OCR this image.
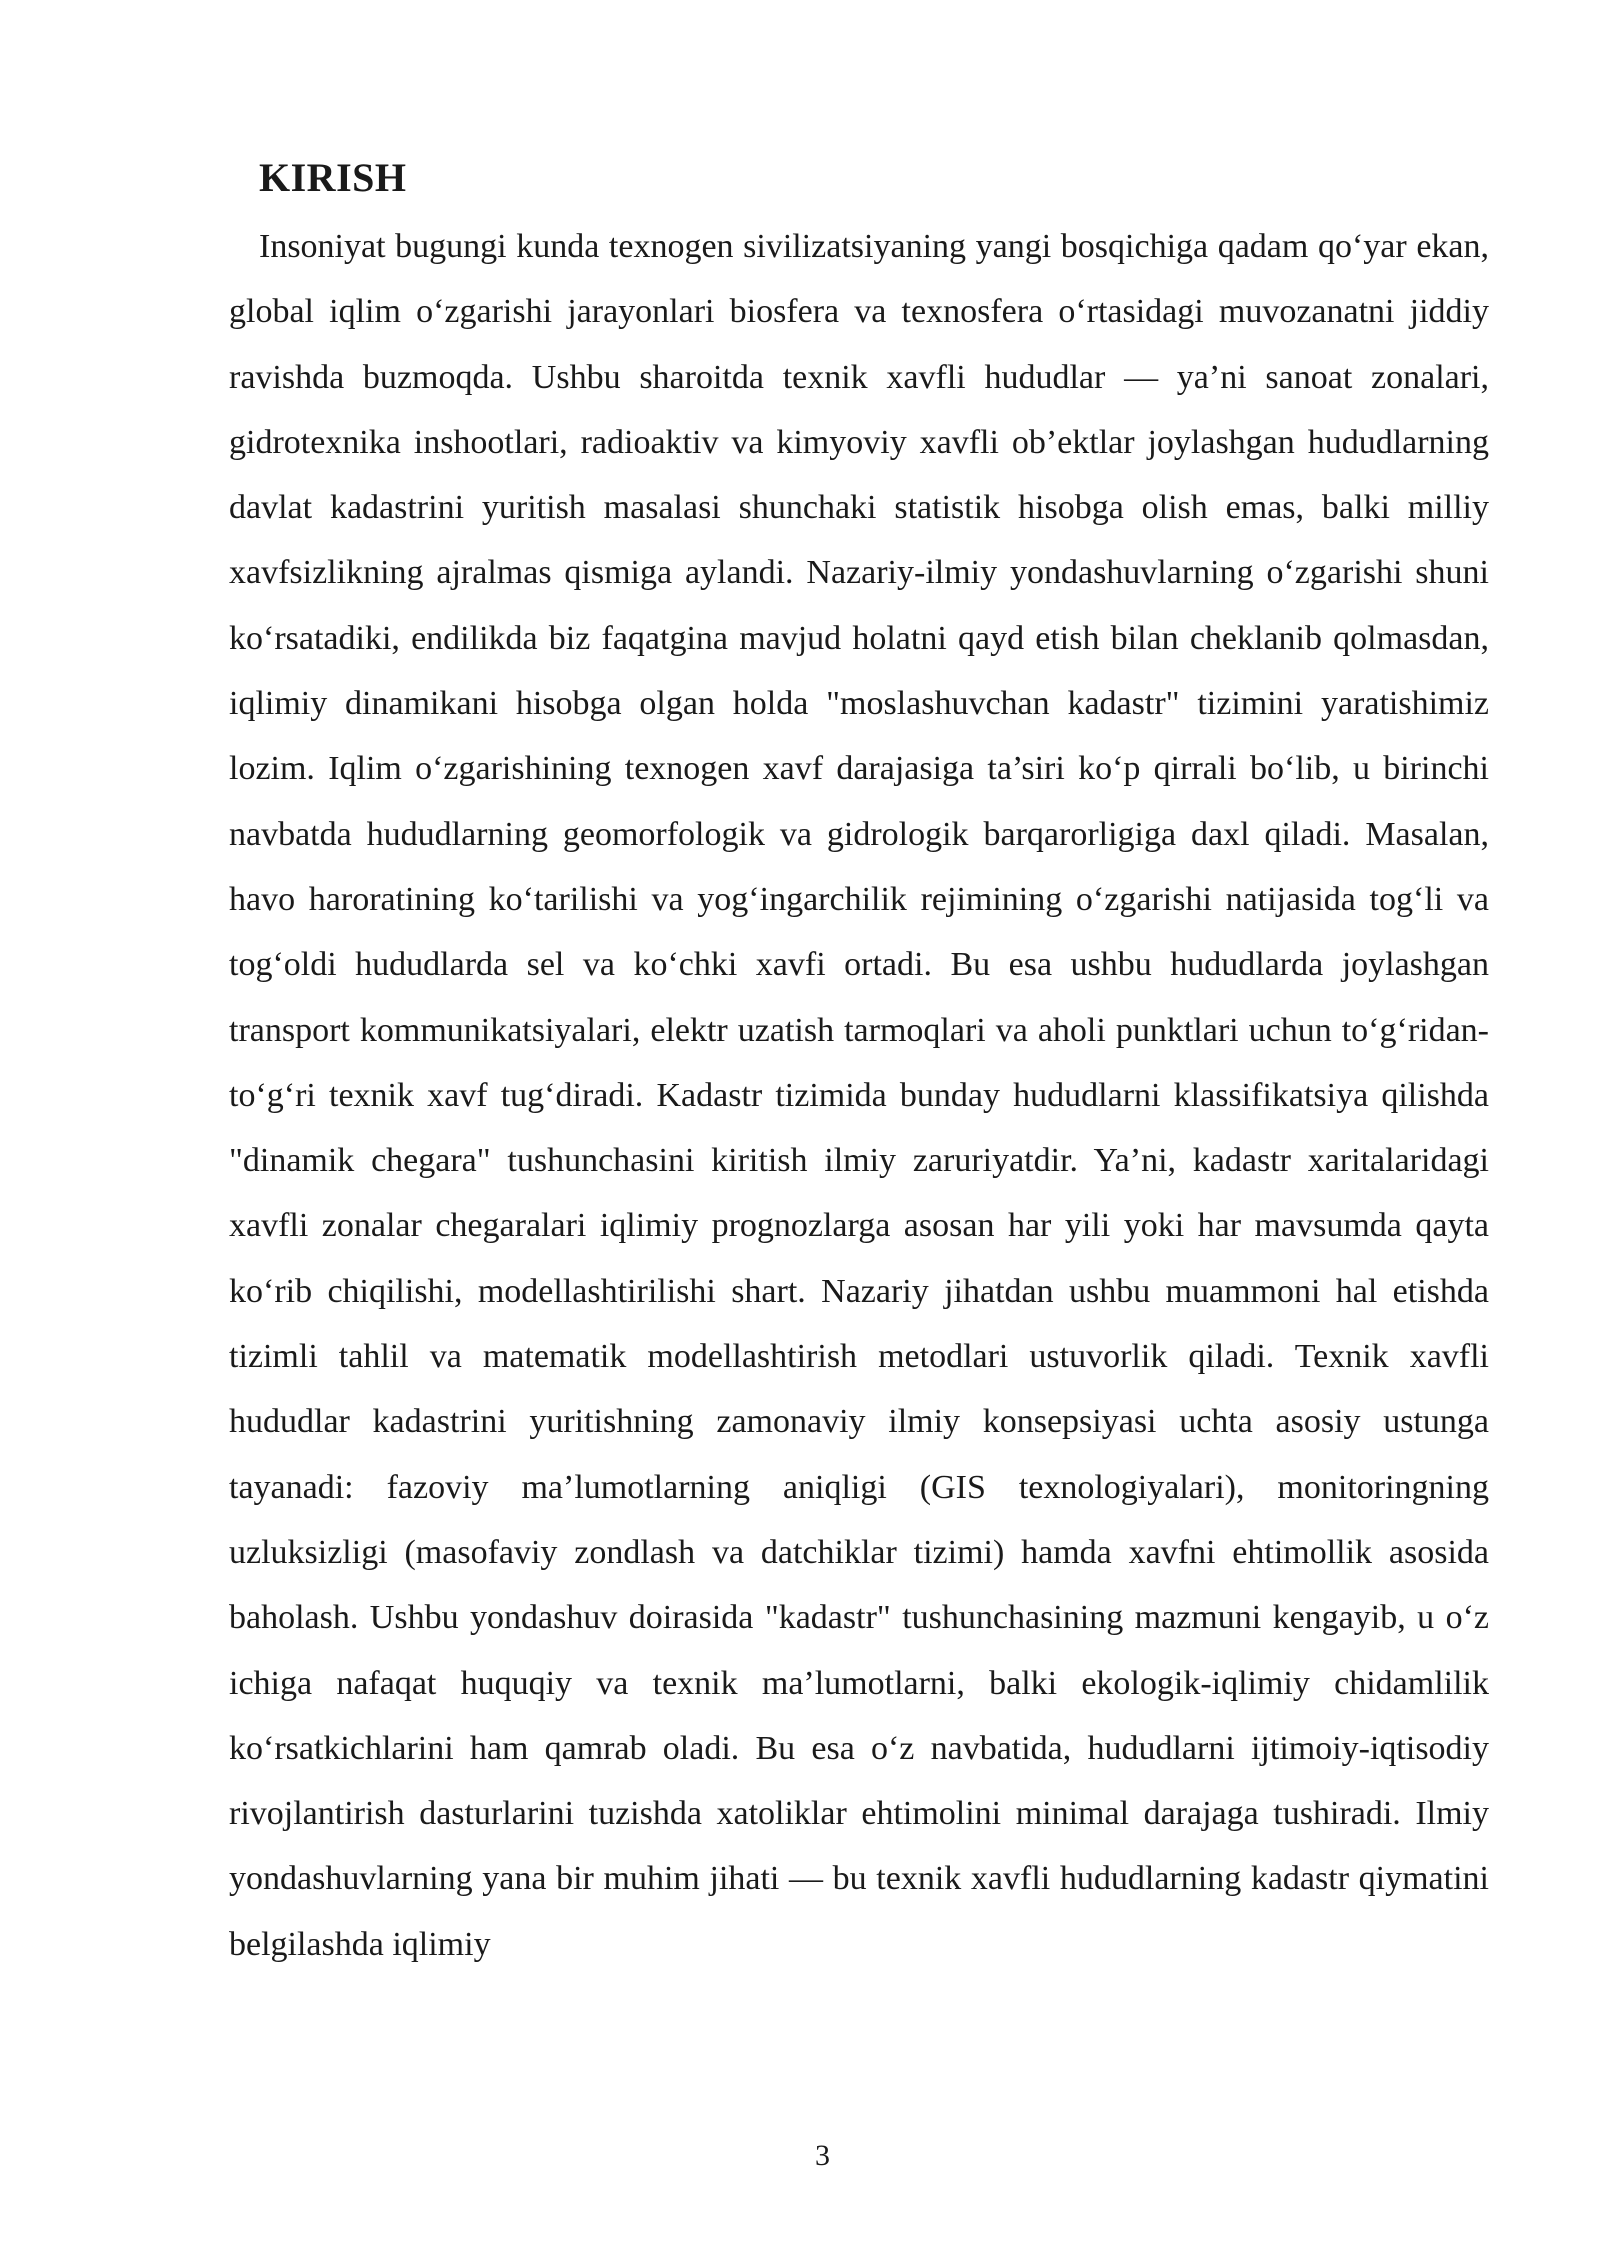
KIRISH

Insoniyat bugungi kunda texnogen sivilizatsiyaning yangi bosqichiga qadam qo‘yar ekan, global iqlim o‘zgarishi jarayonlari biosfera va texnosfera o‘rtasidagi muvozanatni jiddiy ravishda buzmoqda. Ushbu sharoitda texnik xavfli hududlar — ya’ni sanoat zonalari, gidrotexnika inshootlari, radioaktiv va kimyoviy xavfli ob’ektlar joylashgan hududlarning davlat kadastrini yuritish masalasi shunchaki statistik hisobga olish emas, balki milliy xavfsizlikning ajralmas qismiga aylandi. Nazariy-ilmiy yondashuvlarning o‘zgarishi shuni ko‘rsatadiki, endilikda biz faqatgina mavjud holatni qayd etish bilan cheklanib qolmasdan, iqlimiy dinamikani hisobga olgan holda "moslashuvchan kadastr" tizimini yaratishimiz lozim. Iqlim o‘zgarishining texnogen xavf darajasiga ta’siri ko‘p qirrali bo‘lib, u birinchi navbatda hududlarning geomorfologik va gidrologik barqarorligiga daxl qiladi. Masalan, havo haroratining ko‘tarilishi va yog‘ingarchilik rejimining o‘zgarishi natijasida tog‘li va tog‘oldi hududlarda sel va ko‘chki xavfi ortadi. Bu esa ushbu hududlarda joylashgan transport kommunikatsiyalari, elektr uzatish tarmoqlari va aholi punktlari uchun to‘g‘ridan-to‘g‘ri texnik xavf tug‘diradi. Kadastr tizimida bunday hududlarni klassifikatsiya qilishda "dinamik chegara" tushunchasini kiritish ilmiy zaruriyatdir. Ya’ni, kadastr xaritalaridagi xavfli zonalar chegaralari iqlimiy prognozlarga asosan har yili yoki har mavsumda qayta ko‘rib chiqilishi, modellashtirilishi shart. Nazariy jihatdan ushbu muammoni hal etishda tizimli tahlil va matematik modellashtirish metodlari ustuvorlik qiladi. Texnik xavfli hududlar kadastrini yuritishning zamonaviy ilmiy konsepsiyasi uchta asosiy ustunga tayanadi: fazoviy ma’lumotlarning aniqligi (GIS texnologiyalari), monitoringning uzluksizligi (masofaviy zondlash va datchiklar tizimi) hamda xavfni ehtimollik asosida baholash. Ushbu yondashuv doirasida "kadastr" tushunchasining mazmuni kengayib, u o‘z ichiga nafaqat huquqiy va texnik ma’lumotlarni, balki ekologik-iqlimiy chidamlilik ko‘rsatkichlarini ham qamrab oladi. Bu esa o‘z navbatida, hududlarni ijtimoiy-iqtisodiy rivojlantirish dasturlarini tuzishda xatoliklar ehtimolini minimal darajaga tushiradi. Ilmiy yondashuvlarning yana bir muhim jihati — bu texnik xavfli hududlarning kadastr qiymatini belgilashda iqlimiy

3
